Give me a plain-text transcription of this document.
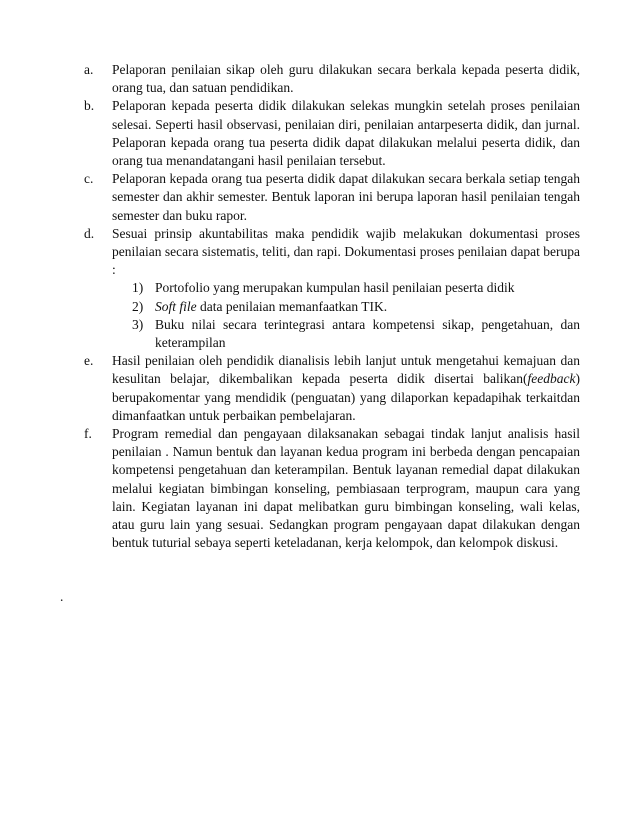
a.	Pelaporan penilaian sikap oleh guru dilakukan secara berkala kepada peserta didik, orang tua, dan satuan pendidikan.
b.	Pelaporan kepada peserta didik dilakukan selekas mungkin setelah proses penilaian selesai. Seperti hasil observasi, penilaian diri, penilaian antarpeserta didik, dan jurnal. Pelaporan kepada orang tua peserta didik dapat dilakukan melalui peserta didik, dan orang tua menandatangani hasil penilaian tersebut.
c.	Pelaporan kepada orang tua peserta didik dapat dilakukan secara berkala setiap tengah semester dan akhir semester. Bentuk laporan ini berupa laporan hasil penilaian tengah semester dan buku rapor.
d.	Sesuai prinsip akuntabilitas maka pendidik wajib melakukan dokumentasi proses penilaian secara sistematis, teliti, dan rapi. Dokumentasi proses penilaian dapat berupa :
1) Portofolio yang merupakan kumpulan hasil penilaian peserta didik
2) Soft file data penilaian memanfaatkan TIK.
3) Buku nilai secara terintegrasi antara kompetensi sikap, pengetahuan, dan keterampilan
e.	Hasil penilaian oleh pendidik dianalisis lebih lanjut untuk mengetahui kemajuan dan kesulitan belajar, dikembalikan kepada peserta didik disertai balikan(feedback) berupakomentar yang mendidik (penguatan) yang dilaporkan kepadapihak terkaitdan dimanfaatkan untuk perbaikan pembelajaran.
f.	Program remedial dan pengayaan dilaksanakan sebagai tindak lanjut analisis hasil penilaian . Namun bentuk dan layanan kedua program ini berbeda dengan pencapaian kompetensi pengetahuan dan keterampilan. Bentuk layanan remedial dapat dilakukan melalui kegiatan bimbingan konseling, pembiasaan terprogram, maupun cara yang lain. Kegiatan layanan ini dapat melibatkan guru bimbingan konseling, wali kelas, atau guru lain yang sesuai. Sedangkan program pengayaan dapat dilakukan dengan bentuk tuturial sebaya seperti keteladanan, kerja kelompok, dan kelompok diskusi.
.
